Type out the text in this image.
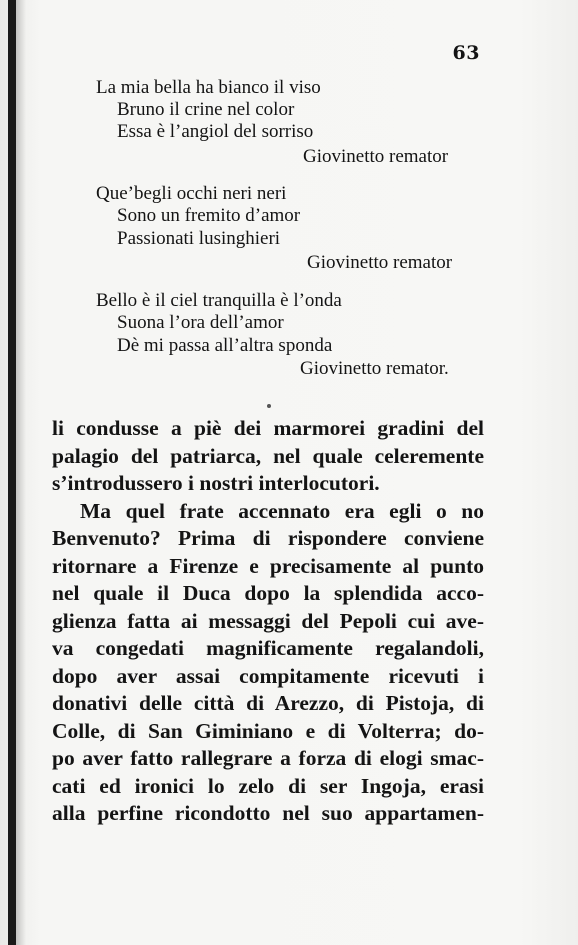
63
La mia bella ha bianco il viso
Bruno il crine nel color
Essa è l’angiol del sorriso
Giovinetto remator
Que’begli occhi neri neri
Sono un fremito d’amor
Passionati lusinghieri
Giovinetto remator
Bello è il ciel tranquilla è l’onda
Suona l’ora dell’amor
Dè mi passa all’altra sponda
Giovinetto remator.
li condusse a piè dei marmorei gradini del
palagio del patriarca, nel quale celeremente
s’introdussero i nostri interlocutori.
Ma quel frate accennato era egli o no
Benvenuto? Prima di rispondere conviene
ritornare a Firenze e precisamente al punto
nel quale il Duca dopo la splendida acco-
glienza fatta ai messaggi del Pepoli cui ave-
va congedati magnificamente regalandoli,
dopo aver assai compitamente ricevuti i
donativi delle città di Arezzo, di Pistoja, di
Colle, di San Giminiano e di Volterra; do-
po aver fatto rallegrare a forza di elogi smac-
cati ed ironici lo zelo di ser Ingoja, erasi
alla perfine ricondotto nel suo appartamen-
